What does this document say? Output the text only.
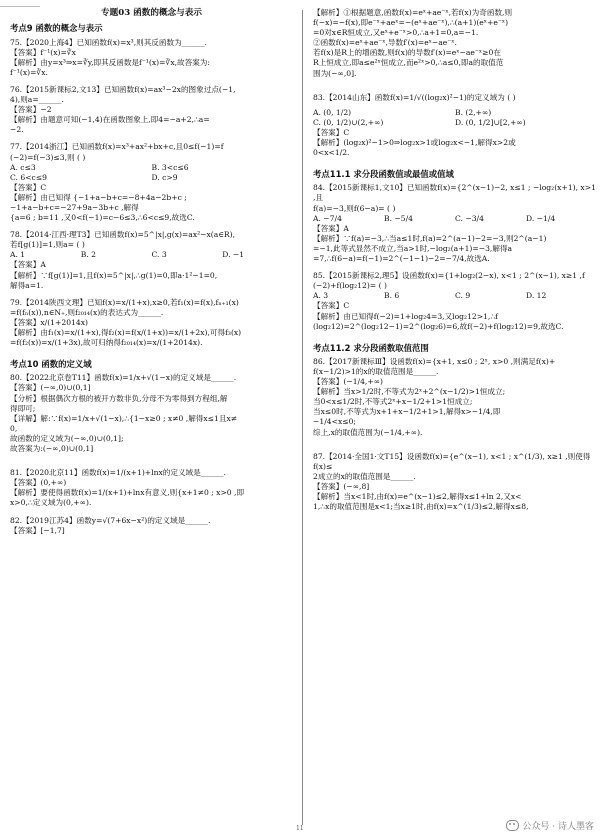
专题03 函数的概念与表示
考点9 函数的概念与表示

75.【2020上海4】已知函数f(x)=x³,则其反函数为______.

【答案】f⁻¹(x)=∛x

【解析】由y=x³⇒x=∛y,即其反函数是f⁻¹(x)=∛x,故答案为:

f⁻¹(x)=∛x.

76.【2015新课标2,文13】已知函数f(x)=ax³−2x的图象过点(−1,

4),则a=______.

【答案】−2

【解析】由题意可知(−1,4)在函数图象上,即4=−a+2,∴a=

−2.

77.【2014浙江】已知函数f(x)=x³+ax²+bx+c,且0≤f(−1)=f

(−2)=f(−3)≤3,则 ( )

A. c≤3	B. 3<c≤6
C. 6<c≤9	D. c>9

【答案】C

【解析】由已知得 {−1+a−b+c=−8+4a−2b+c ; −1+a−b+c=−27+9a−3b+c ,解得

{a=6 ; b=11 ,又0<f(−1)=c−6≤3,∴6<c≤9,故选C.

78.【2014·江西·理T3】已知函数f(x)=5^|x|,g(x)=ax²−x(a∈R),

若f[g(1)]=1,则a= ( )

A. 1	B. 2	C. 3	D. −1

【答案】A

【解析】∵f[g(1)]=1,且f(x)=5^|x|,∴g(1)=0,即a·1²−1=0,

解得a=1.

79.【2014陕西文理】已知f(x)=x/(1+x),x≥0,若f₁(x)=f(x),fₙ₊₁(x)

=f(fₙ(x)),n∈N₊,则f₂₀₁₄(x)的表达式为______.

【答案】x/(1+2014x)

【解析】由f₁(x)=x/(1+x),得f₂(x)=f(x/(1+x))=x/(1+2x),可得f₃(x)

=f(f₂(x))=x/(1+3x),故可归纳得f₂₀₁₄(x)=x/(1+2014x).

考点10 函数的定义域

80.【2022北京卷T11】函数f(x)=1/x+√(1−x)的定义域是______.

【答案】(−∞,0)∪(0,1]

【分析】根据偶次方根的被开方数非负,分母不为零得到方程组,解

得即可;

【详解】解:∵f(x)=1/x+√(1−x),∴{1−x≥0 ; x≠0 ,解得x≤1且x≠

0,

故函数的定义域为(−∞,0)∪(0,1];

故答案为:(−∞,0)∪(0,1]

81.【2020北京11】函数f(x)=1/(x+1)+lnx的定义域是______.

【答案】(0,+∞)

【解析】要使得函数f(x)=1/(x+1)+lnx有意义,则{x+1≠0 ; x>0 ,即

x>0,∴定义域为(0,+∞).

82.【2019江苏4】函数y=√(7+6x−x²)的定义域是______.

【答案】[−1,7]

【解析】①根据题意,函数f(x)=eˣ+ae⁻ˣ,若f(x)为奇函数,则

f(−x)=−f(x),即e⁻ˣ+aeˣ=−(eˣ+ae⁻ˣ),∴(a+1)(eˣ+e⁻ˣ)

=0对x∈R恒成立,又eˣ+e⁻ˣ>0,∴a+1=0,a=−1.

②函数f(x)=eˣ+ae⁻ˣ,导数f′(x)=eˣ−ae⁻ˣ.

若f(x)是R上的增函数,则f(x)的导数f′(x)=eˣ−ae⁻ˣ≥0在

R上恒成立,即a≤e²ˣ恒成立,而e²ˣ>0,∴a≤0,即a的取值范

围为(−∞,0].

83.【2014山东】函数f(x)=1/√((log₂x)²−1)的定义域为 ( )

A. (0, 1/2)	B. (2,+∞)
C. (0, 1/2)∪(2,+∞)	D. (0, 1/2]∪[2,+∞)

【答案】C

【解析】(log₂x)²−1>0⇒log₂x>1或log₂x<−1,解得x>2或

0<x<1/2.

考点11.1 求分段函数值或最值或值域

84.【2015新课标1,文10】已知函数f(x)={2^(x−1)−2, x≤1 ; −log₂(x+1), x>1 ,且

f(a)=−3,则f(6−a)= ( )

A. −7/4	B. −5/4	C. −3/4	D. −1/4

【答案】A

【解析】∵f(a)=−3,∴当a≤1时,f(a)=2^(a−1)−2=−3,则2^(a−1)

=−1,此等式显然不成立,当a>1时,−log₂(a+1)=−3,解得a

=7,∴f(6−a)=f(−1)=2^(−1−1)−2=−7/4,故选A.

85.【2015新课标2,理5】设函数f(x)={1+log₂(2−x), x<1 ; 2^(x−1), x≥1 ,f

(−2)+f(log₂12)= ( )

A. 3	B. 6	C. 9	D. 12

【答案】C

【解析】由已知得f(−2)=1+log₂4=3,又log₂12>1,∴f

(log₂12)=2^(log₂12−1)=2^(log₂6)=6,故f(−2)+f(log₂12)=9,故选C.

考点11.2 求分段函数取值范围

86.【2017新课标Ⅲ】设函数f(x)={x+1, x≤0 ; 2ˣ, x>0 ,则满足f(x)+

f(x−1/2)>1的x的取值范围是______.

【答案】(−1/4,+∞)

【解析】当x>1/2时,不等式为2ˣ+2^(x−1/2)>1恒成立;

当0<x≤1/2时,不等式2ˣ+x−1/2+1>1恒成立;

当x≤0时,不等式为x+1+x−1/2+1>1,解得x>−1/4,即

−1/4<x≤0;

综上,x的取值范围为(−1/4,+∞).

87.【2014·全国1·文T15】设函数f(x)={e^(x−1), x<1 ; x^(1/3), x≥1 ,则使得f(x)≤

2成立的x的取值范围是______.

【答案】(−∞,8]

【解析】当x<1时,由f(x)=e^(x−1)≤2,解得x≤1+ln 2,又x<

1,∴x的取值范围是x<1;当x≥1时,由f(x)=x^(1/3)≤2,解得x≤8,

11	公众号 · 诗人墨客
